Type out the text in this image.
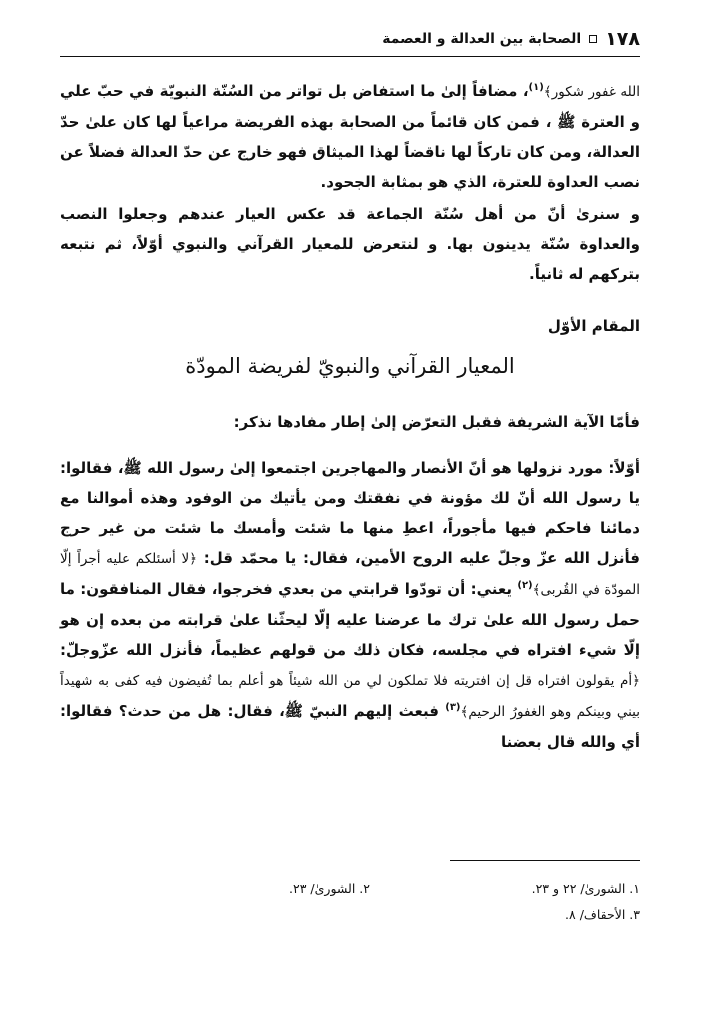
١٧٨
الصحابة بين العدالة و العصمة

الله غفور شكور﴾$^{(١)}$، مضافاً إلىٰ ما استفاض بل تواتر من السُنّة النبويّة في حبّ علي و العترة ﷺ ، فمن كان قائماً من الصحابة بهذه الفريضة مراعياً لها كان علىٰ حدّ العدالة، ومن كان تاركاً لها ناقضاً لهذا الميثاق فهو خارج عن حدّ العدالة فضلاً عن نصب العداوة للعترة، الذي هو بمثابة الجحود.

و سنرىٰ أنّ من أهل سُنّة الجماعة قد عكس العيار عندهم وجعلوا النصب والعداوة سُنّة يدينون بها. و لنتعرض للمعيار القرآني والنبوي أوّلاً، ثم نتبعه بتركهم له ثانياً.

المقام الأوّل

المعيار القرآني والنبويّ لفريضة المودّة

فأمّا الآية الشريفة فقبل التعرّض إلىٰ إطار مفادها نذكر:

أوّلاً: مورد نزولها هو أنّ الأنصار والمهاجرين اجتمعوا إلىٰ رسول الله ﷺ، فقالوا: يا رسول الله أنّ لك مؤونة في نفقتك ومن يأتيك من الوفود وهذه أموالنا مع دمائنا فاحكم فيها مأجوراً، اعطِ منها ما شئت وأمسك ما شئت من غير حرج فأنزل الله عزّ وجلّ عليه الروح الأمين، فقال: يا محمّد قل: ﴿لا أسئلكم عليه أجراً إلّا المودّة في القُربى﴾$^{(٢)}$ يعني: أن تودّوا قرابتي من بعدي فخرجوا، فقال المنافقون: ما حمل رسول الله علىٰ ترك ما عرضنا عليه إلّا ليحثّنا علىٰ قرابته من بعده إن هو إلّا شيء افتراه في مجلسه، فكان ذلك من قولهم عظيماً، فأنزل الله عزّوجلّ: ﴿أم يقولون افتراه قل إن افتريته فلا تملكون لي من الله شيئاً هو أعلم بما تُفيضون فيه كفى به شهيداً بيني وبينكم وهو الغفورُ الرحيم﴾$^{(٣)}$ فبعث إليهم النبيّ ﷺ، فقال: هل من حدث؟ فقالوا: أي والله قال بعضنا

١. الشورىٰ/ ٢٢ و ٢٣.
٢. الشورىٰ/ ٢٣.
٣. الأحقاف/ ٨.
